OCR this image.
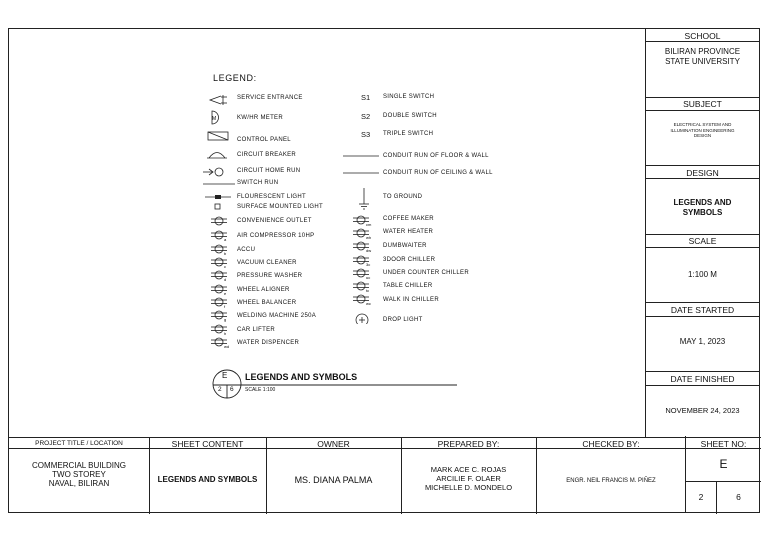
LEGEND:
M
SERVICE ENTRANCE
KW/HR METER
CONTROL PANEL
CIRCUIT BREAKER
CIRCUIT HOME RUN
SWITCH RUN
FLOURESCENT LIGHT
SURFACE MOUNTED LIGHT
CONVENIENCE OUTLET
AIR COMPRESSOR 10HP
ACCU
VACUUM CLEANER
PRESSURE WASHER
WHEEL ALIGNER
WHEEL BALANCER
WELDING MACHINE 250A
CAR LIFTER
WATER DISPENCER
a
b
c
d
e
f
g
h
wd
cm
wh
dw
3c
uc
tc
wc
S1
S2
S3
SINGLE SWITCH
DOUBLE SWITCH
TRIPLE SWITCH
CONDUIT RUN OF FLOOR & WALL
CONDUIT RUN OF CEILING & WALL
TO GROUND
COFFEE MAKER
WATER HEATER
DUMBWAITER
3DOOR CHILLER
UNDER COUNTER CHILLER
TABLE CHILLER
WALK IN CHILLER
DROP LIGHT
E
2 6
LEGENDS AND SYMBOLS
SCALE 1:100
SCHOOL
BILIRAN PROVINCE STATE UNIVERSITY
SUBJECT
ELECTRICAL SYSTEM AND ILLUMINATION ENGINEERING DESIGN
DESIGN
LEGENDS AND SYMBOLS
SCALE
1:100 M
DATE STARTED
MAY 1, 2023
DATE FINISHED
NOVEMBER 24, 2023
PROJECT TITLE / LOCATION
COMMERCIAL BUILDING
TWO STOREY
NAVAL, BILIRAN
SHEET CONTENT
LEGENDS AND SYMBOLS
OWNER
MS. DIANA PALMA
PREPARED BY:
MARK ACE C. ROJAS
ARCILIE F. OLAER
MICHELLE D. MONDELO
CHECKED BY:
ENGR. NEIL FRANCIS M. PIÑEZ
SHEET NO:
E
2	6
